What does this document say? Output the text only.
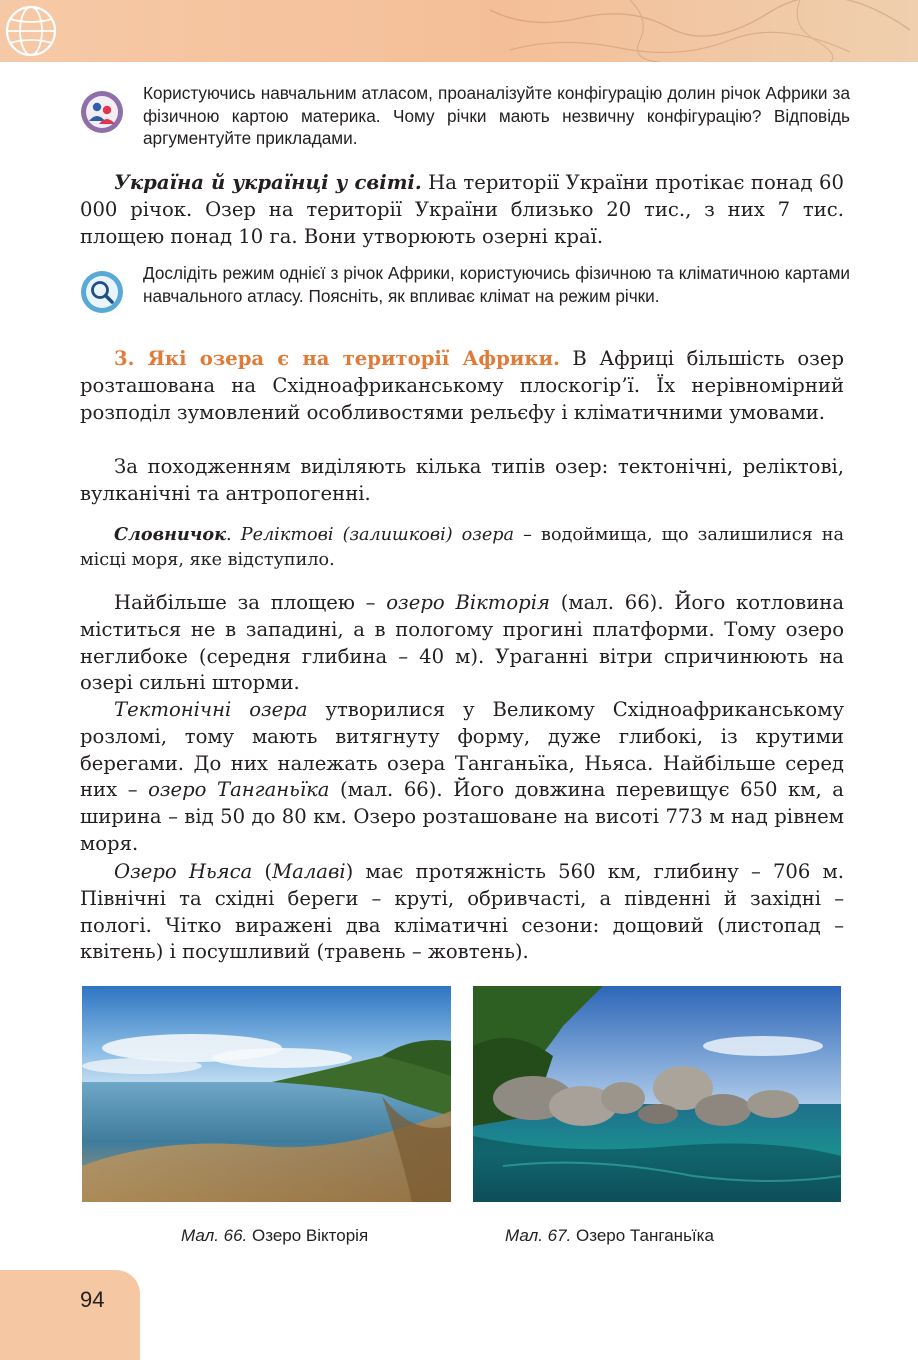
Користуючись навчальним атласом, проаналізуйте конфігурацію долин річок Африки за фізичною картою материка. Чому річки мають незвичну конфігурацію? Відповідь аргументуйте прикладами.

Україна й українці у світі. На території України протікає понад 60 000 річок. Озер на території України близько 20 тис., з них 7 тис. площею понад 10 га. Вони утворюють озерні краї.

Дослідіть режим однієї з річок Африки, користуючись фізичною та кліматичною картами навчального атласу. Поясніть, як впливає клімат на режим річки.

3. Які озера є на території Африки. В Африці більшість озер розташована на Східноафриканському плоскогір’ї. Їх нерівномірний розподіл зумовлений особливостями рельєфу і кліматичними умовами.

За походженням виділяють кілька типів озер: тектонічні, реліктові, вулканічні та антропогенні.

Словничок. Реліктові (залишкові) озера – водоймища, що залишилися на місці моря, яке відступило.

Найбільше за площею – озеро Вікторія (мал. 66). Його котловина міститься не в западині, а в пологому прогині платформи. Тому озеро неглибоке (середня глибина – 40 м). Ураганні вітри спричинюють на озері сильні шторми.

Тектонічні озера утворилися у Великому Східноафриканському розломі, тому мають витягнуту форму, дуже глибокі, із крутими берегами. До них належать озера Танганьїка, Ньяса. Найбільше серед них – озеро Танганьїка (мал. 66). Його довжина перевищує 650 км, а ширина – від 50 до 80 км. Озеро розташоване на висоті 773 м над рівнем моря.

Озеро Ньяса (Малаві) має протяжність 560 км, глибину – 706 м. Північні та східні береги – круті, обривчасті, а південні й західні – пологі. Чітко виражені два кліматичні сезони: дощовий (листопад – квітень) і посушливий (травень – жовтень).

Мал. 66. Озеро Вікторія	Мал. 67. Озеро Танганьїка
94
